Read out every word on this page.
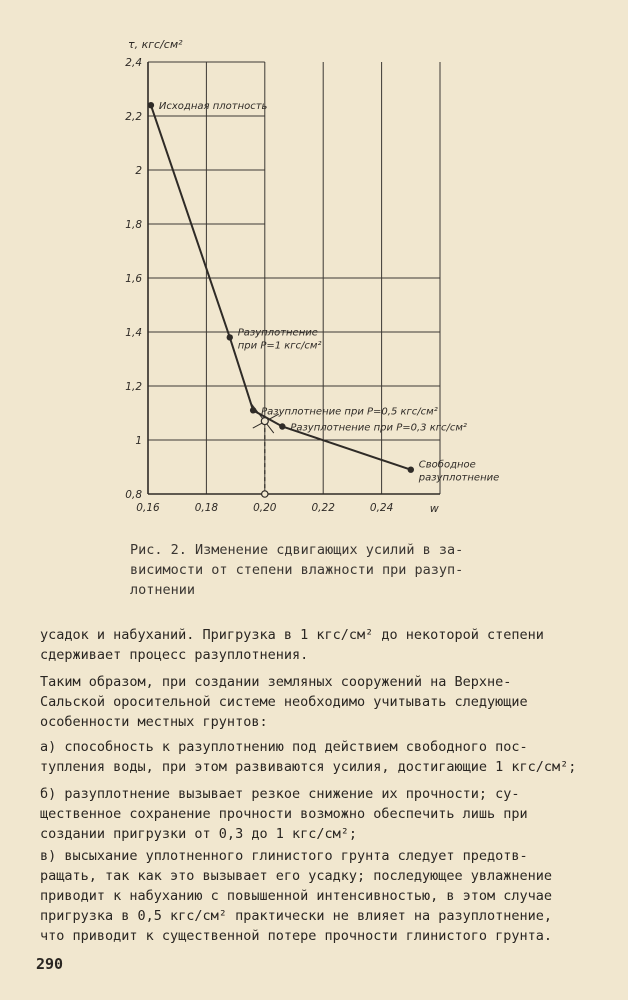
τ, кгс/см²
w
0,8
1
1,2
1,4
1,6
1,8
2
2,2
2,4
0,16	0,18	0,20	0,22	0,24
Исходная плотность
Разуплотнение
при P=1 кгс/см²
Разуплотнение при P=0,5 кгс/см²
Разуплотнение при P=0,3 кгс/см²
Свободное
разуплотнение
Рис. 2. Изменение сдвигающих усилий в за-
висимости от степени влажности при разуп-
лотнении
усадок и набуханий. Пригрузка в 1 кгс/см² до некоторой степени
сдерживает процесс разуплотнения.
Таким образом, при создании земляных сооружений на Верхне-
Сальской оросительной системе необходимо учитывать следующие
особенности местных грунтов:
а) способность к разуплотнению под действием свободного пос-
тупления воды, при этом развиваются усилия, достигающие 1 кгс/см²;
б) разуплотнение вызывает резкое снижение их прочности; су-
щественное сохранение прочности возможно обеспечить лишь при
создании пригрузки от 0,3 до 1 кгс/см²;
в) высыхание уплотненного глинистого грунта следует предотв-
ращать, так как это вызывает его усадку; последующее увлажнение
приводит к набуханию с повышенной интенсивностью, в этом случае
пригрузка в 0,5 кгс/см² практически не влияет на разуплотнение,
что приводит к существенной потере прочности глинистого грунта.
290
